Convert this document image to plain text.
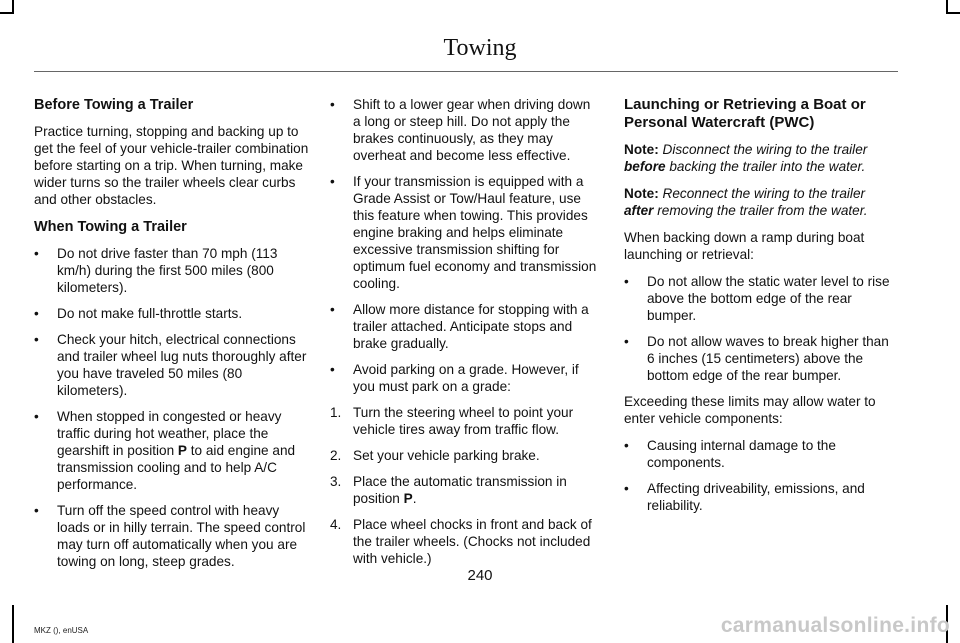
Towing
Before Towing a Trailer

Practice turning, stopping and backing up to get the feel of your vehicle-trailer combination before starting on a trip. When turning, make wider turns so the trailer wheels clear curbs and other obstacles.

When Towing a Trailer
• Do not drive faster than 70 mph (113 km/h) during the first 500 miles (800 kilometers).
• Do not make full-throttle starts.
• Check your hitch, electrical connections and trailer wheel lug nuts thoroughly after you have traveled 50 miles (80 kilometers).
• When stopped in congested or heavy traffic during hot weather, place the gearshift in position P to aid engine and transmission cooling and to help A/C performance.
• Turn off the speed control with heavy loads or in hilly terrain. The speed control may turn off automatically when you are towing on long, steep grades.
• Shift to a lower gear when driving down a long or steep hill. Do not apply the brakes continuously, as they may overheat and become less effective.
• If your transmission is equipped with a Grade Assist or Tow/Haul feature, use this feature when towing. This provides engine braking and helps eliminate excessive transmission shifting for optimum fuel economy and transmission cooling.
• Allow more distance for stopping with a trailer attached. Anticipate stops and brake gradually.
• Avoid parking on a grade. However, if you must park on a grade:
1. Turn the steering wheel to point your vehicle tires away from traffic flow.
2. Set your vehicle parking brake.
3. Place the automatic transmission in position P.
4. Place wheel chocks in front and back of the trailer wheels. (Chocks not included with vehicle.)
Launching or Retrieving a Boat or Personal Watercraft (PWC)

Note: Disconnect the wiring to the trailer before backing the trailer into the water.

Note: Reconnect the wiring to the trailer after removing the trailer from the water.

When backing down a ramp during boat launching or retrieval:

• Do not allow the static water level to rise above the bottom edge of the rear bumper.
• Do not allow waves to break higher than 6 inches (15 centimeters) above the bottom edge of the rear bumper.

Exceeding these limits may allow water to enter vehicle components:

• Causing internal damage to the components.
• Affecting driveability, emissions, and reliability.
240
MKZ (), enUSA	carmanualsonline.info
